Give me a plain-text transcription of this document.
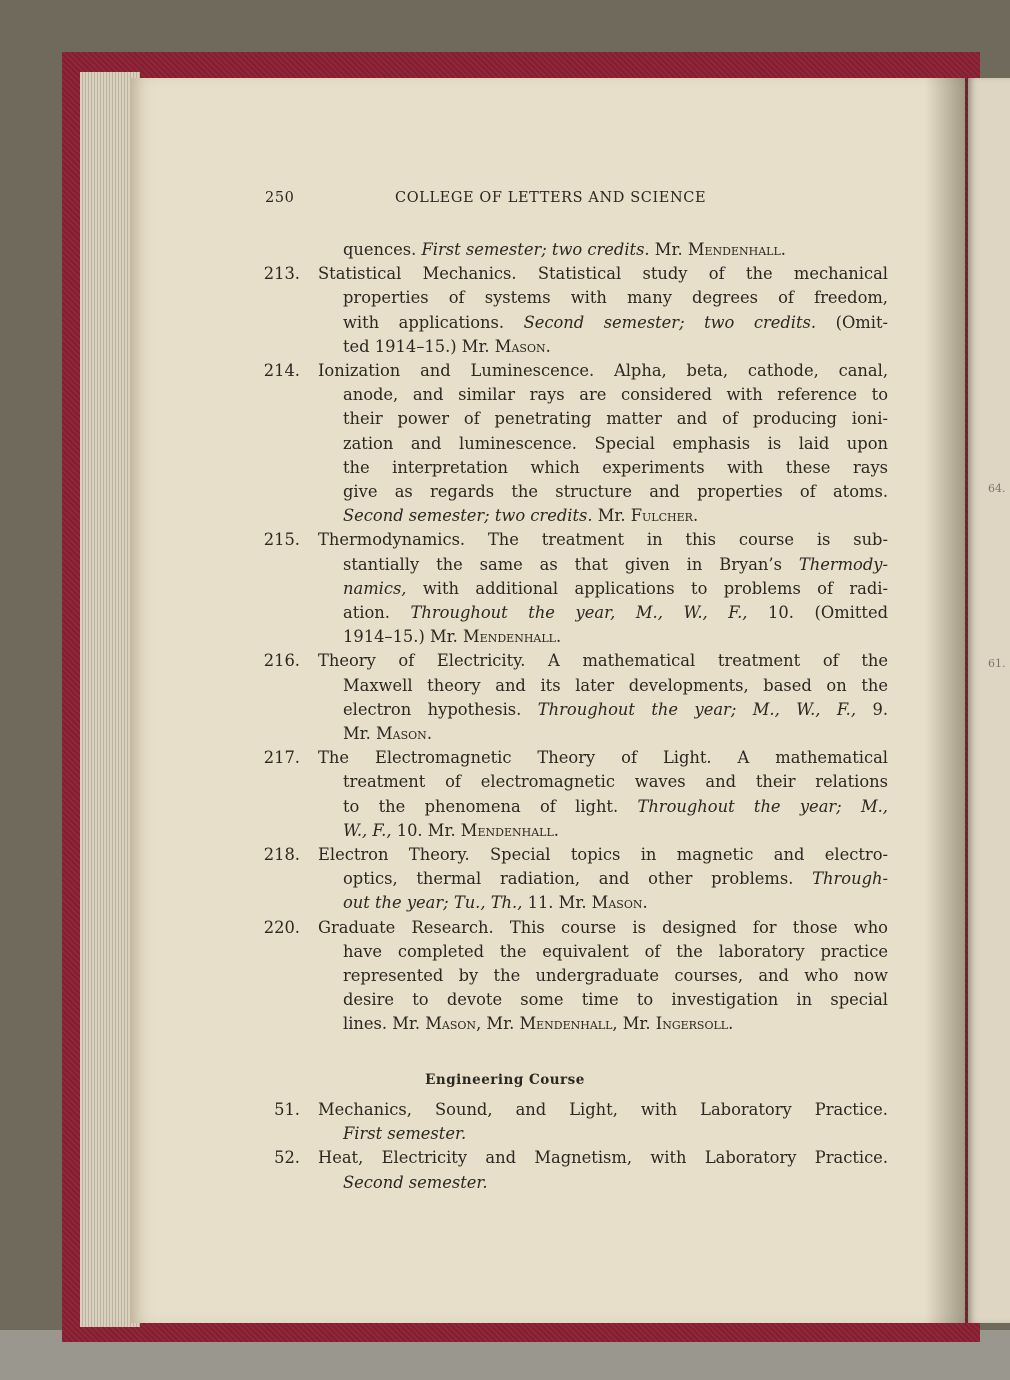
64.
61.
250	COLLEGE OF LETTERS AND SCIENCE
quences. First semester; two credits. Mr. Mendenhall.
213. Statistical Mechanics. Statistical study of the mechanical
properties of systems with many degrees of freedom,
with applications. Second semester; two credits. (Omit-
ted 1914–15.) Mr. Mason.
214. Ionization and Luminescence. Alpha, beta, cathode, canal,
anode, and similar rays are considered with reference to
their power of penetrating matter and of producing ioni-
zation and luminescence. Special emphasis is laid upon
the interpretation which experiments with these rays
give as regards the structure and properties of atoms.
Second semester; two credits. Mr. Fulcher.
215. Thermodynamics. The treatment in this course is sub-
stantially the same as that given in Bryan’s Thermody-
namics, with additional applications to problems of radi-
ation. Throughout the year, M., W., F., 10. (Omitted
1914–15.) Mr. Mendenhall.
216. Theory of Electricity. A mathematical treatment of the
Maxwell theory and its later developments, based on the
electron hypothesis. Throughout the year; M., W., F., 9.
Mr. Mason.
217. The Electromagnetic Theory of Light. A mathematical
treatment of electromagnetic waves and their relations
to the phenomena of light. Throughout the year; M.,
W., F., 10. Mr. Mendenhall.
218. Electron Theory. Special topics in magnetic and electro-
optics, thermal radiation, and other problems. Through-
out the year; Tu., Th., 11. Mr. Mason.
220. Graduate Research. This course is designed for those who
have completed the equivalent of the laboratory practice
represented by the undergraduate courses, and who now
desire to devote some time to investigation in special
lines. Mr. Mason, Mr. Mendenhall, Mr. Ingersoll.
51. Mechanics, Sound, and Light, with Laboratory Practice.
First semester.
52. Heat, Electricity and Magnetism, with Laboratory Practice.
Second semester.
Engineering Course
